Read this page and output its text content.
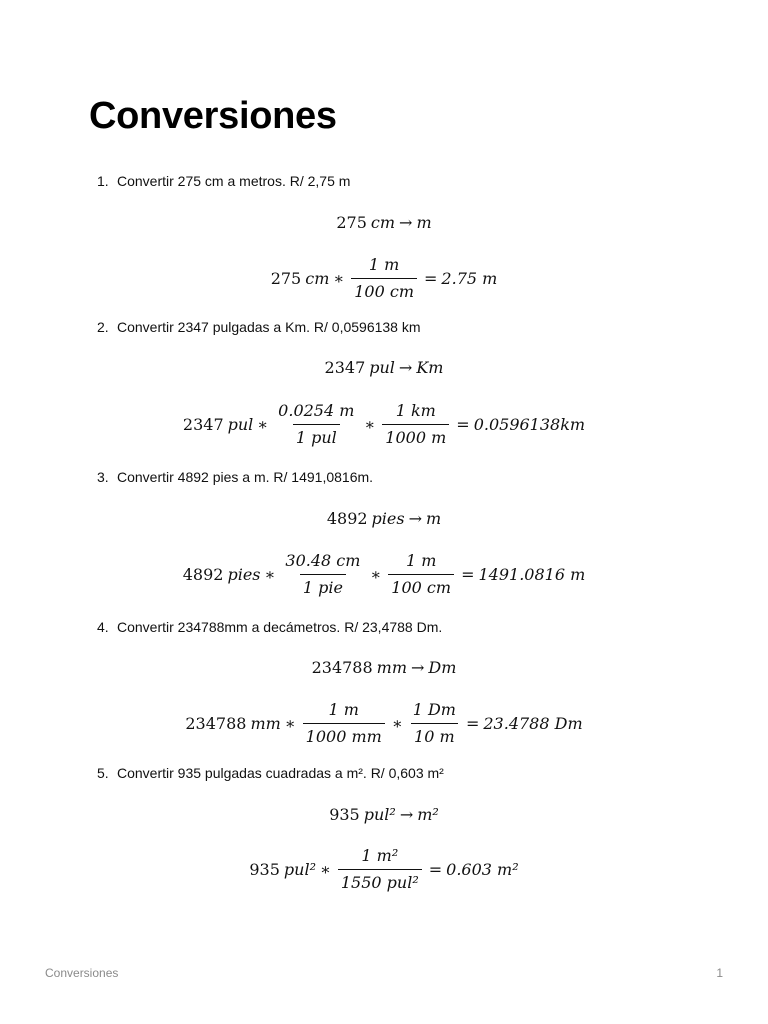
Conversiones
1. Convertir 275 cm a metros. R/ 2,75 m
275 cm → m
275 cm ∗ $\frac{1 m}{100 cm} = 2.75$ m
2. Convertir 2347 pulgadas a Km. R/ 0,0596138 km
2347 pul → Km
2347 pul ∗ $\frac{0.0254 m}{\text{1 pul}}$ ∗ $\frac{1 km}{1000 m} = 0.0596138km$
3. Convertir 4892 pies a m. R/ 1491,0816m.
4892 pies → m
4892 pies ∗ $\frac{30.48 cm}{\text{1 pie}}$ ∗ $\frac{1 m}{100 cm} = 1491.0816$ m
4. Convertir 234788mm a decámetros. R/ 23,4788 Dm.
234788 mm → Dm
234788 mm ∗ $\frac{1 m}{1000 mm}$ ∗ $\frac{1 Dm}{10 m} = 23.4788$ Dm
5. Convertir 935 pulgadas cuadradas a m². R/ 0,603 m²
935 pul² → m²
935 pul² ∗ $\frac{\text{1 m²}}{\text{1550 pul²}} = 0.603$ m²
Conversiones	1
